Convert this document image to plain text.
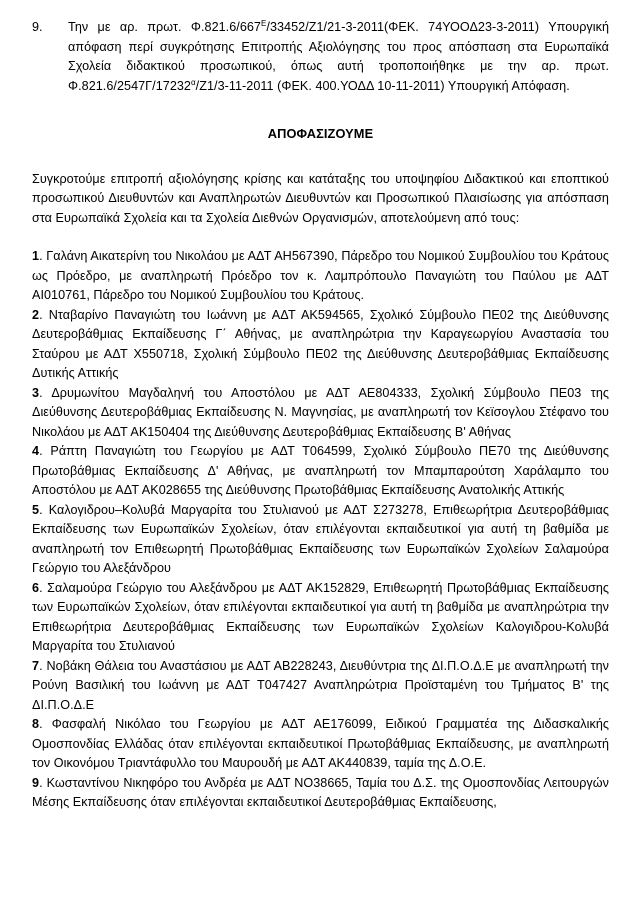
9.	Την με αρ. πρωτ. $\Phi.821.6/667^E/33452/Z1/21-3-2011(\Phi EK$. 74ΥΟΟΔ23-3-2011) Υπουργική απόφαση περί συγκρότησης Επιτροπής Αξιολόγησης του προς απόσπαση στα Ευρωπαϊκά Σχολεία διδακτικού προσωπικού, όπως αυτή τροποποιήθηκε με την αρ. πρωτ. $\Phi.821.6/2547\Gamma/17232^\alpha/Z1/3-11-2011$ (ΦΕΚ. 400.ΥΟΔΔ 10-11-2011) Υπουργική Απόφαση.
ΑΠΟΦΑΣΙΖΟΥΜΕ
Συγκροτούμε επιτροπή αξιολόγησης κρίσης και κατάταξης του υποψηφίου Διδακτικού και εποπτικού προσωπικού Διευθυντών και Αναπληρωτών Διευθυντών και Προσωπικού Πλαισίωσης για απόσπαση στα Ευρωπαϊκά Σχολεία και τα Σχολεία Διεθνών Οργανισμών, αποτελούμενη από τους:

1. Γαλάνη Αικατερίνη του Νικολάου με ΑΔΤ ΑΗ567390, Πάρεδρο του Νομικού Συμβουλίου του Κράτους ως Πρόεδρο, με αναπληρωτή Πρόεδρο τον κ. Λαμπρόπουλο Παναγιώτη του Παύλου με ΑΔΤ ΑΙ010761, Πάρεδρο του Νομικού Συμβουλίου του Κράτους.

2. Νταβαρίνο Παναγιώτη του Ιωάννη με ΑΔΤ ΑΚ594565, Σχολικό Σύμβουλο ΠΕ02 της Διεύθυνσης Δευτεροβάθμιας Εκπαίδευσης Γ΄ Αθήνας, με αναπληρώτρια την Καραγεωργίου Αναστασία του Σταύρου με ΑΔΤ Χ550718, Σχολική Σύμβουλο ΠΕ02 της Διεύθυνσης Δευτεροβάθμιας Εκπαίδευσης Δυτικής Αττικής

3. Δρυμωνίτου Μαγδαληνή του Αποστόλου με ΑΔΤ ΑΕ804333, Σχολική Σύμβουλο ΠΕ03 της Διεύθυνσης Δευτεροβάθμιας Εκπαίδευσης Ν. Μαγνησίας, με αναπληρωτή τον Κεϊσογλου Στέφανο του Νικολάου με ΑΔΤ ΑΚ150404 της Διεύθυνσης Δευτεροβάθμιας Εκπαίδευσης Β' Αθήνας

4. Ράπτη Παναγιώτη του Γεωργίου με ΑΔΤ Τ064599, Σχολικό Σύμβουλο ΠΕ70 της Διεύθυνσης Πρωτοβάθμιας Εκπαίδευσης Δ' Αθήνας, με αναπληρωτή τον Μπαμπαρούτση Χαράλαμπο του Αποστόλου με ΑΔΤ ΑΚ028655 της Διεύθυνσης Πρωτοβάθμιας Εκπαίδευσης Ανατολικής Αττικής

5. Καλογιδρου–Κολυβά Μαργαρίτα του Στυλιανού με ΑΔΤ Σ273278, Επιθεωρήτρια Δευτεροβάθμιας Εκπαίδευσης των Ευρωπαϊκών Σχολείων, όταν επιλέγονται εκπαιδευτικοί για αυτή τη βαθμίδα με αναπληρωτή τον Επιθεωρητή Πρωτοβάθμιας Εκπαίδευσης των Ευρωπαϊκών Σχολείων Σαλαμούρα Γεώργιο του Αλεξάνδρου

6. Σαλαμούρα Γεώργιο του Αλεξάνδρου με ΑΔΤ ΑΚ152829, Επιθεωρητή Πρωτοβάθμιας Εκπαίδευσης των Ευρωπαϊκών Σχολείων, όταν επιλέγονται εκπαιδευτικοί για αυτή τη βαθμίδα με αναπληρώτρια την Επιθεωρήτρια Δευτεροβάθμιας Εκπαίδευσης των Ευρωπαϊκών Σχολείων Καλογιδρου-Κολυβά Μαργαρίτα του Στυλιανού

7. Νοβάκη Θάλεια του Αναστάσιου με ΑΔΤ ΑΒ228243, Διευθύντρια της ΔΙ.Π.Ο.Δ.Ε με αναπληρωτή την Ρούνη Βασιλική του Ιωάννη με ΑΔΤ Τ047427 Αναπληρώτρια Προϊσταμένη του Τμήματος Β' της ΔΙ.Π.Ο.Δ.Ε

8. Φασφαλή Νικόλαο του Γεωργίου με ΑΔΤ ΑΕ176099, Ειδικού Γραμματέα της Διδασκαλικής Ομοσπονδίας Ελλάδας όταν επιλέγονται εκπαιδευτικοί Πρωτοβάθμιας Εκπαίδευσης, με αναπληρωτή τον Οικονόμου Τριαντάφυλλο του Μαυρουδή με ΑΔΤ ΑΚ440839, ταμία της Δ.Ο.Ε.

9. Κωσταντίνου Νικηφόρο του Ανδρέα με ΑΔΤ ΝΟ38665, Ταμία του Δ.Σ. της Ομοσπονδίας Λειτουργών Μέσης Εκπαίδευσης όταν επιλέγονται εκπαιδευτικοί Δευτεροβάθμιας Εκπαίδευσης,
